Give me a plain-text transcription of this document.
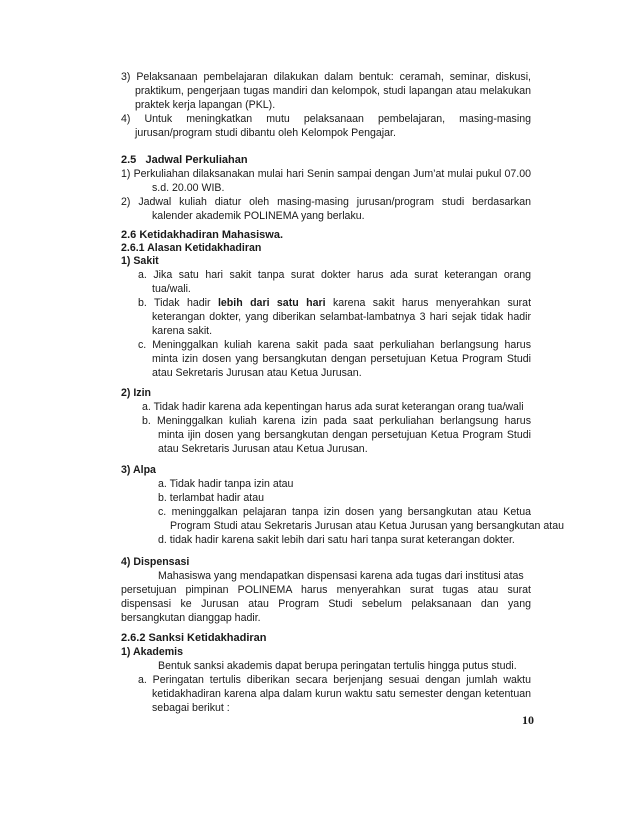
3) Pelaksanaan pembelajaran dilakukan dalam bentuk: ceramah, seminar, diskusi,
praktikum, pengerjaan tugas mandiri dan kelompok, studi lapangan atau melakukan
praktek kerja lapangan (PKL).
4) Untuk meningkatkan mutu pelaksanaan pembelajaran, masing-masing
jurusan/program studi dibantu oleh Kelompok Pengajar.
2.5 Jadwal Perkuliahan
1) Perkuliahan dilaksanakan mulai hari Senin sampai dengan Jum’at mulai pukul 07.00
s.d. 20.00 WIB.
2) Jadwal kuliah diatur oleh masing-masing jurusan/program studi berdasarkan
kalender akademik POLINEMA yang berlaku.
2.6 Ketidakhadiran Mahasiswa.
2.6.1 Alasan Ketidakhadiran
1) Sakit
a. Jika satu hari sakit tanpa surat dokter harus ada surat keterangan orang
tua/wali.
b. Tidak hadir lebih dari satu hari karena sakit harus menyerahkan surat
keterangan dokter, yang diberikan selambat-lambatnya 3 hari sejak tidak hadir
karena sakit.
c. Meninggalkan kuliah karena sakit pada saat perkuliahan berlangsung harus
minta izin dosen yang bersangkutan dengan persetujuan Ketua Program Studi
atau Sekretaris Jurusan atau Ketua Jurusan.
2) Izin
a. Tidak hadir karena ada kepentingan harus ada surat keterangan orang tua/wali
b. Meninggalkan kuliah karena izin pada saat perkuliahan berlangsung harus
minta ijin dosen yang bersangkutan dengan persetujuan Ketua Program Studi
atau Sekretaris Jurusan atau Ketua Jurusan.
3) Alpa
a. Tidak hadir tanpa izin atau
b. terlambat hadir atau
c. meninggalkan pelajaran tanpa izin dosen yang bersangkutan atau Ketua
Program Studi atau Sekretaris Jurusan atau Ketua Jurusan yang bersangkutan atau
d. tidak hadir karena sakit lebih dari satu hari tanpa surat keterangan dokter.
4) Dispensasi
Mahasiswa yang mendapatkan dispensasi karena ada tugas dari institusi atas
persetujuan pimpinan POLINEMA harus menyerahkan surat tugas atau surat
dispensasi ke Jurusan atau Program Studi sebelum pelaksanaan dan yang
bersangkutan dianggap hadir.
2.6.2 Sanksi Ketidakhadiran
1) Akademis
Bentuk sanksi akademis dapat berupa peringatan tertulis hingga putus studi.
a. Peringatan tertulis diberikan secara berjenjang sesuai dengan jumlah waktu
ketidakhadiran karena alpa dalam kurun waktu satu semester dengan ketentuan
sebagai berikut :
10
